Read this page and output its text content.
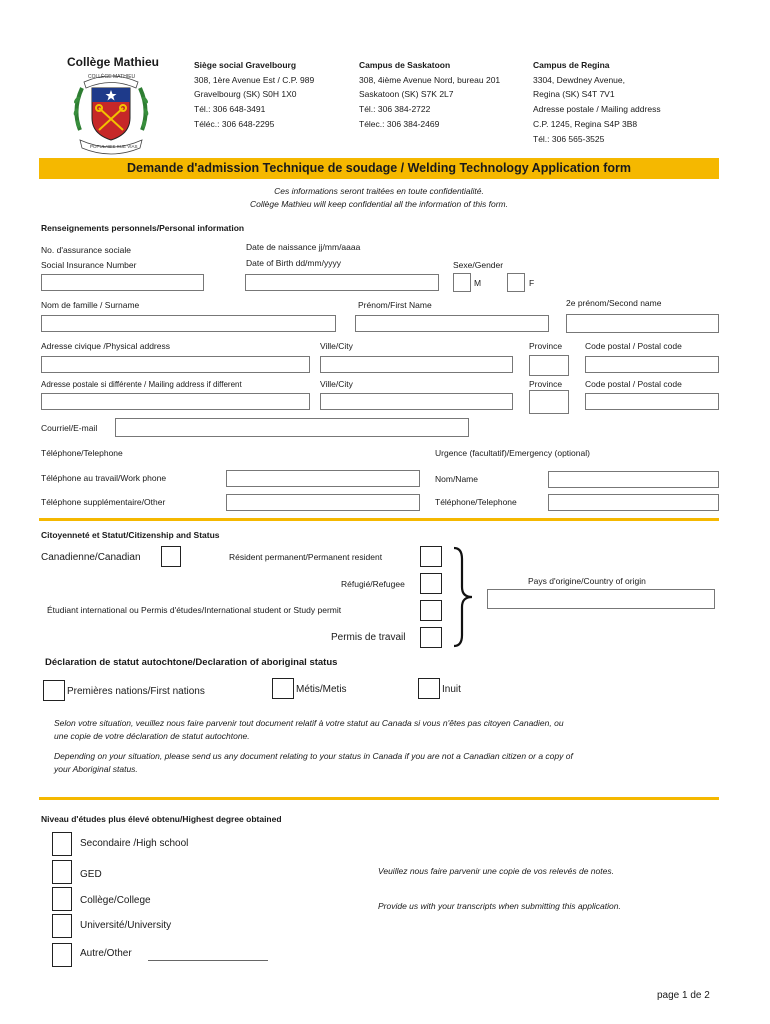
Collège Mathieu
COLLÈGE MATHIEU
POPULABIS SUE VIAS
Siège social Gravelbourg
308, 1ère Avenue Est / C.P. 989
Gravelbourg (SK) S0H 1X0
Tél.: 306 648-3491
Téléc.: 306 648-2295
Campus de Saskatoon
308, 4ième Avenue Nord, bureau 201
Saskatoon (SK) S7K 2L7
Tél.: 306 384-2722
Télec.: 306 384-2469
Campus de Regina
3304, Dewdney Avenue,
Regina (SK) S4T 7V1
Adresse postale / Mailing address
C.P. 1245, Regina S4P 3B8
Tél.: 306 565-3525
Demande d'admission Technique de soudage / Welding Technology Application form
Ces informations seront traitées en toute confidentialité.
Collège Mathieu will keep confidential all the information of this form.
Renseignements personnels/Personal information
No. d'assurance sociale
Social Insurance Number
Date de naissance jj/mm/aaaa
Date of Birth dd/mm/yyyy	Sexe/Gender
M	F
Nom de famille / Surname	Prénom/First Name	2e prénom/Second name
Adresse civique /Physical address	Ville/City	Province	Code postal / Postal code
Adresse postale si différente / Mailing address if different	Ville/City	Province	Code postal / Postal code
Courriel/E-mail
Téléphone/Telephone	Urgence (facultatif)/Emergency (optional)
Téléphone au travail/Work phone	Nom/Name
Téléphone supplémentaire/Other	Téléphone/Telephone
Citoyenneté et Statut/Citizenship and Status
Canadienne/Canadian	Résident permanent/Permanent resident
Réfugié/Refugee
Étudiant international ou Permis d'études/International student or Study permit
Permis de travail
Pays d'origine/Country of origin
Déclaration de statut autochtone/Declaration of aboriginal status
Premières nations/First nations	Métis/Metis	Inuit
Selon votre situation, veuillez nous faire parvenir tout document relatif à votre statut au Canada si vous n'êtes pas citoyen Canadien, ou
une copie de votre déclaration de statut autochtone.
Depending on your situation, please send us any document relating to your status in Canada if you are not a Canadian citizen or a copy of
your Aboriginal status.
Niveau d'études plus élevé obtenu/Highest degree obtained
Secondaire /High school
GED
Collège/College
Université/University
Autre/Other
Veuillez nous faire parvenir une copie de vos relevés de notes.
Provide us with your transcripts when submitting this application.
page 1 de 2
